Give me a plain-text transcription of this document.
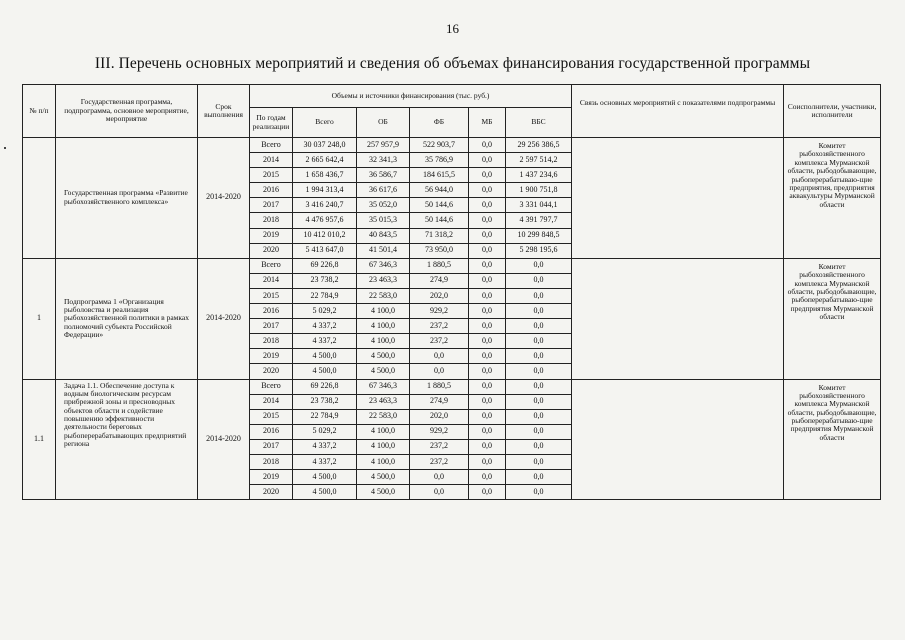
16
III. Перечень основных мероприятий и сведения об объемах финансирования государственной программы
№ п/п	Государственная программа, подпрограмма, основное мероприятие, мероприятие	Срок выполнения	Объемы и источники финансирования (тыс. руб.)						Связь основных мероприятий с показателями подпрограммы	Соисполнители, участники, исполнители
			По годам реализации	Всего	ОБ	ФБ	МБ	ВБС		
	Государственная программа «Развитие рыбохозяйственного комплекса»	2014-2020	Всего	30 037 248,0	257 957,9	522 903,7	0,0	29 256 386,5		Комитет рыбохозяйственного комплекса Мурманской области, рыбодобывающие, рыбоперерабатываю-щие предприятия, предприятия аквакультуры Мурманской области
			2014	2 665 642,4	32 341,3	35 786,9	0,0	2 597 514,2		
			2015	1 658 436,7	36 586,7	184 615,5	0,0	1 437 234,6		
			2016	1 994 313,4	36 617,6	56 944,0	0,0	1 900 751,8		
			2017	3 416 240,7	35 052,0	50 144,6	0,0	3 331 044,1		
			2018	4 476 957,6	35 015,3	50 144,6	0,0	4 391 797,7		
			2019	10 412 010,2	40 843,5	71 318,2	0,0	10 299 848,5		
			2020	5 413 647,0	41 501,4	73 950,0	0,0	5 298 195,6		
1	Подпрограмма 1 «Организация рыболовства и реализация рыбохозяйственной политики в рамках полномочий субъекта Российской Федерации»	2014-2020	Всего	69 226,8	67 346,3	1 880,5	0,0	0,0		Комитет рыбохозяйственного комплекса Мурманской области, рыбодобывающие, рыбоперерабатываю-щие предприятия Мурманской области
			2014	23 738,2	23 463,3	274,9	0,0	0,0		
			2015	22 784,9	22 583,0	202,0	0,0	0,0		
			2016	5 029,2	4 100,0	929,2	0,0	0,0		
			2017	4 337,2	4 100,0	237,2	0,0	0,0		
			2018	4 337,2	4 100,0	237,2	0,0	0,0		
			2019	4 500,0	4 500,0	0,0	0,0	0,0		
			2020	4 500,0	4 500,0	0,0	0,0	0,0		
1.1	Задача 1.1. Обеспечение доступа к водным биологическим ресурсам прибрежной зоны и пресноводных объектов области и содействие повышению эффективности деятельности береговых рыбоперерабатывающих предприятий региона	2014-2020	Всего	69 226,8	67 346,3	1 880,5	0,0	0,0		Комитет рыбохозяйственного комплекса Мурманской области, рыбодобывающие, рыбоперерабатываю-щие предприятия Мурманской области
			2014	23 738,2	23 463,3	274,9	0,0	0,0		
			2015	22 784,9	22 583,0	202,0	0,0	0,0		
			2016	5 029,2	4 100,0	929,2	0,0	0,0		
			2017	4 337,2	4 100,0	237,2	0,0	0,0		
			2018	4 337,2	4 100,0	237,2	0,0	0,0		
			2019	4 500,0	4 500,0	0,0	0,0	0,0		
			2020	4 500,0	4 500,0	0,0	0,0	0,0		
